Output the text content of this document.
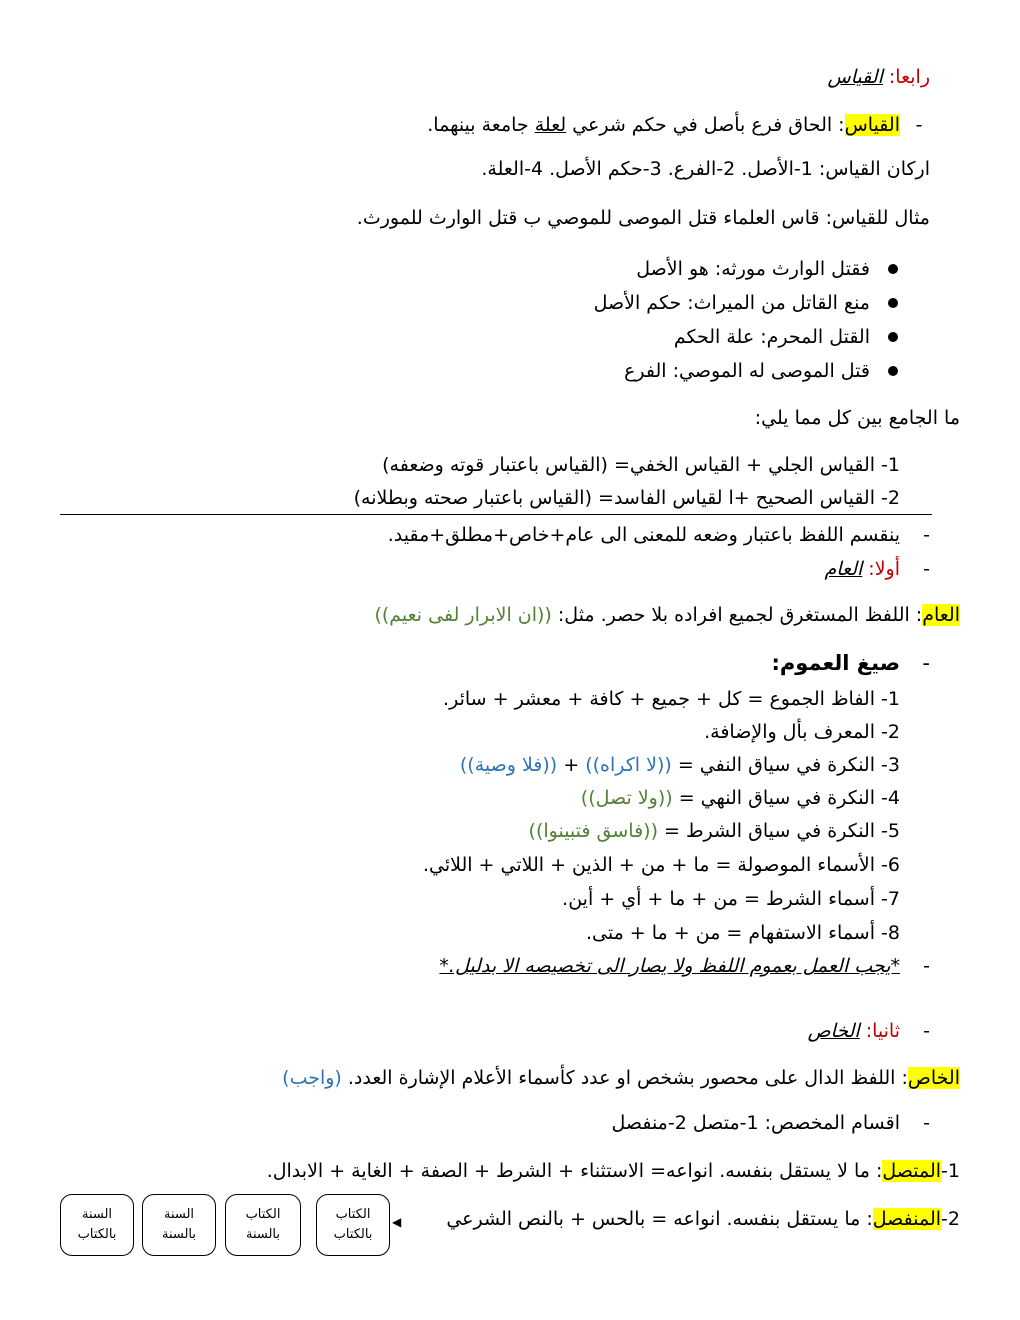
رابعا: القياس
-
القياس: الحاق فرع بأصل في حكم شرعي لعلة جامعة بينهما.
اركان القياس: 1-الأصل. 2-الفرع. 3-حكم الأصل. 4-العلة.
مثال للقياس: قاس العلماء قتل الموصى للموصي ب قتل الوارث للمورث.
فقتل الوارث مورثه: هو الأصل
منع القاتل من الميراث: حكم الأصل
القتل المحرم: علة الحكم
قتل الموصى له الموصي: الفرع
ما الجامع بين كل مما يلي:
1- القياس الجلي + القياس الخفي= (القياس باعتبار قوته وضعفه)
2- القياس الصحيح +ا لقياس الفاسد= (القياس باعتبار صحته وبطلانه)
-
ينقسم اللفظ باعتبار وضعه للمعنى الى عام+خاص+مطلق+مقيد.
-
أولا: العام
العام: اللفظ المستغرق لجميع افراده بلا حصر. مثل: ((ان الابرار لفى نعيم))
-
صيغ العموم:
1- الفاظ الجموع = كل + جميع + كافة + معشر + سائر.
2- المعرف بأل والإضافة.
3- النكرة في سياق النفي = ((لا اكراه)) + ((فلا وصية))
4- النكرة في سياق النهي = ((ولا تصل))
5- النكرة في سياق الشرط = ((فاسق فتبينوا))
6- الأسماء الموصولة = ما + من + الذين + اللاتي + اللائي.
7- أسماء الشرط = من + ما + أي + أين.
8- أسماء الاستفهام = من + ما + متى.
-
*يجب العمل بعموم اللفظ ولا يصار الى تخصيصه الا بدليل.*
-
ثانيا: الخاص
الخاص: اللفظ الدال على محصور بشخص او عدد كأسماء الأعلام الإشارة العدد. (واجب)
-
اقسام المخصص: 1-متصل 2-منفصل
1-المتصل: ما لا يستقل بنفسه. انواعه= الاستثناء + الشرط + الصفة + الغاية + الابدال.
2-المنفصل: ما يستقل بنفسه. انواعه = بالحس + بالنص الشرعي
◀
الكتاب
بالكتاب
الكتاب
بالسنة
السنة
بالسنة
السنة
بالكتاب
